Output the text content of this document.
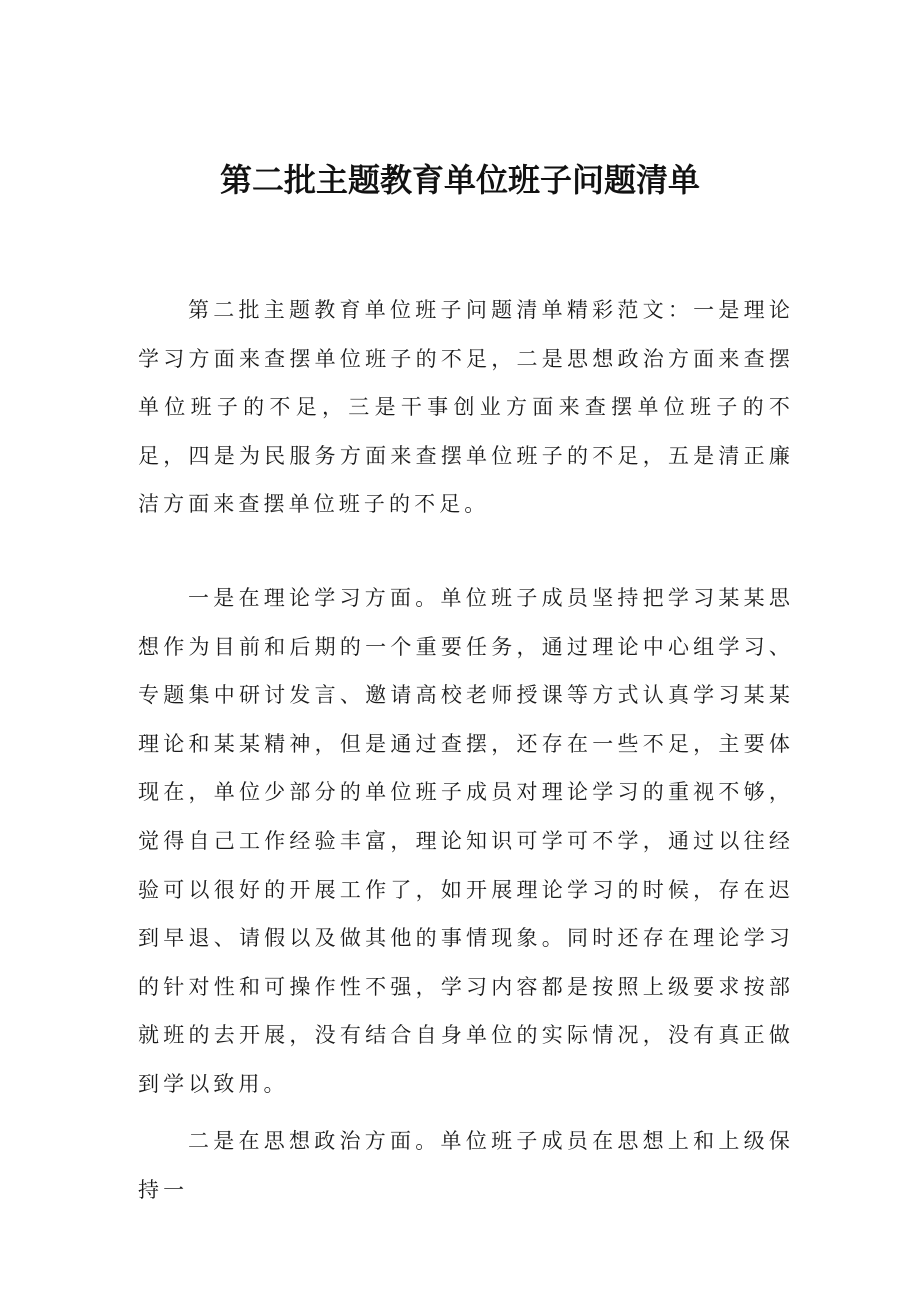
第二批主题教育单位班子问题清单

第二批主题教育单位班子问题清单精彩范文：一是理论学习方面来查摆单位班子的不足，二是思想政治方面来查摆单位班子的不足，三是干事创业方面来查摆单位班子的不足，四是为民服务方面来查摆单位班子的不足，五是清正廉洁方面来查摆单位班子的不足。

一是在理论学习方面。单位班子成员坚持把学习某某思想作为目前和后期的一个重要任务，通过理论中心组学习、专题集中研讨发言、邀请高校老师授课等方式认真学习某某理论和某某精神，但是通过查摆，还存在一些不足，主要体现在，单位少部分的单位班子成员对理论学习的重视不够，觉得自己工作经验丰富，理论知识可学可不学，通过以往经验可以很好的开展工作了，如开展理论学习的时候，存在迟到早退、请假以及做其他的事情现象。同时还存在理论学习的针对性和可操作性不强，学习内容都是按照上级要求按部就班的去开展，没有结合自身单位的实际情况，没有真正做到学以致用。

二是在思想政治方面。单位班子成员在思想上和上级保持一
